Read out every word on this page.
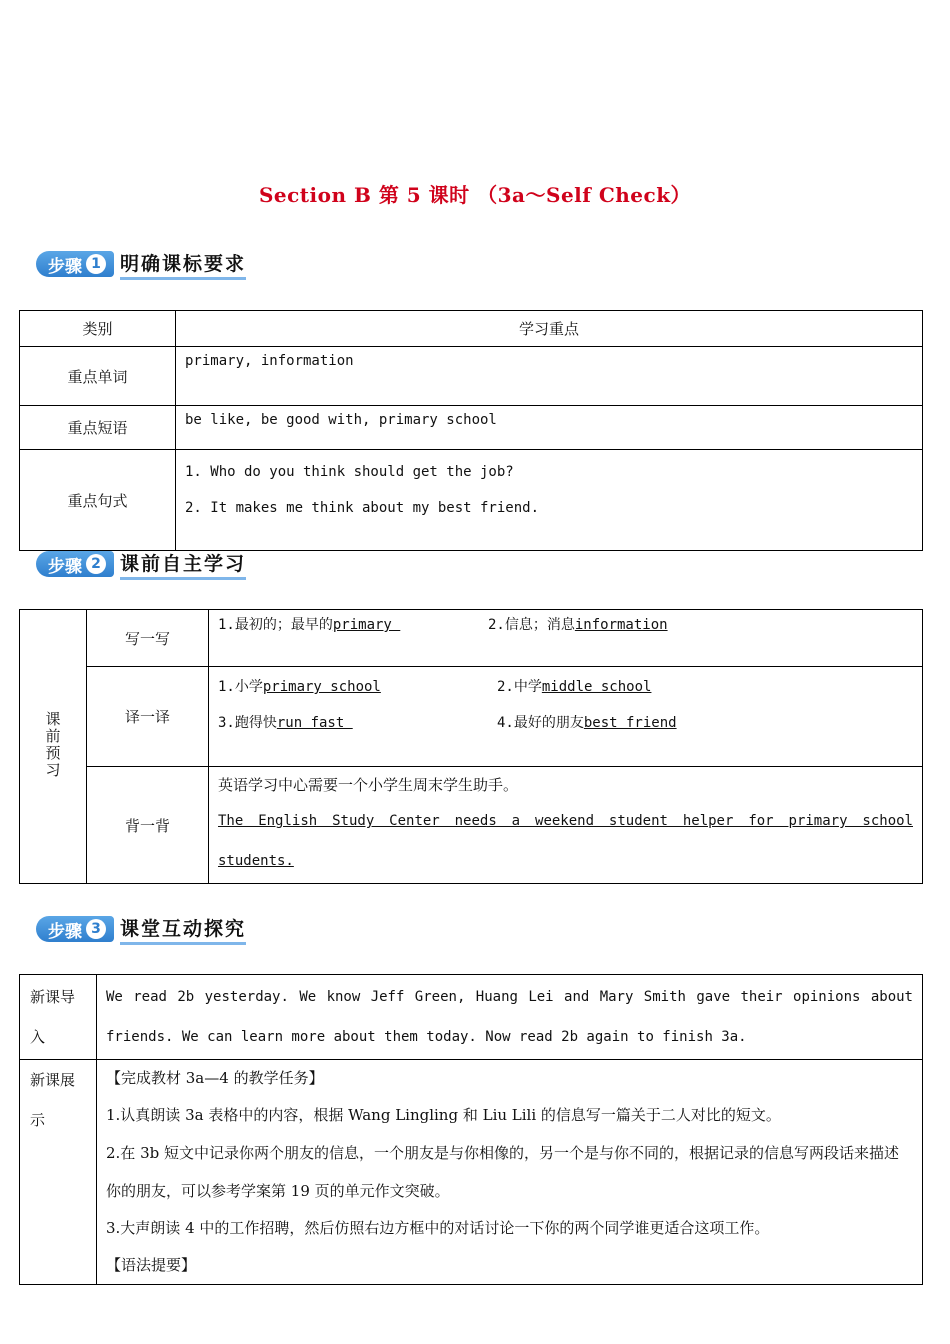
Section B 第 5 课时 （3a～Self Check）
步骤 1 明确课标要求
类别	学习重点
重点单词	primary, information

重点短语	be like, be good with, primary school

重点句式	1. Who do you think should get the job?
2. It makes me think about my best friend.
步骤 2 课前自主学习
课前预习	写一写	1.最初的；最早的primary 2.信息；消息information

	译一译	1.小学primary school 2.中学middle school
3.跑得快run fast 4.最好的朋友best friend

	背一背	英语学习中心需要一个小学生周末学生助手。
The English Study Center needs a weekend student helper for primary school
students.
步骤 3 课堂互动探究
新课导入	We read 2b yesterday. We know Jeff Green, Huang Lei and Mary Smith gave their opinions about friends. We can learn more about them today. Now read 2b again to finish 3a.

新课展示	【完成教材 3a—4 的教学任务】
1.认真朗读 3a 表格中的内容，根据 Wang Lingling 和 Liu Lili 的信息写一篇关于二人对比的短文。
2.在 3b 短文中记录你两个朋友的信息，一个朋友是与你相像的，另一个是与你不同的，根据记录的信息写两段话来描述你的朋友，可以参考学案第 19 页的单元作文突破。
3.大声朗读 4 中的工作招聘，然后仿照右边方框中的对话讨论一下你的两个同学谁更适合这项工作。
【语法提要】
